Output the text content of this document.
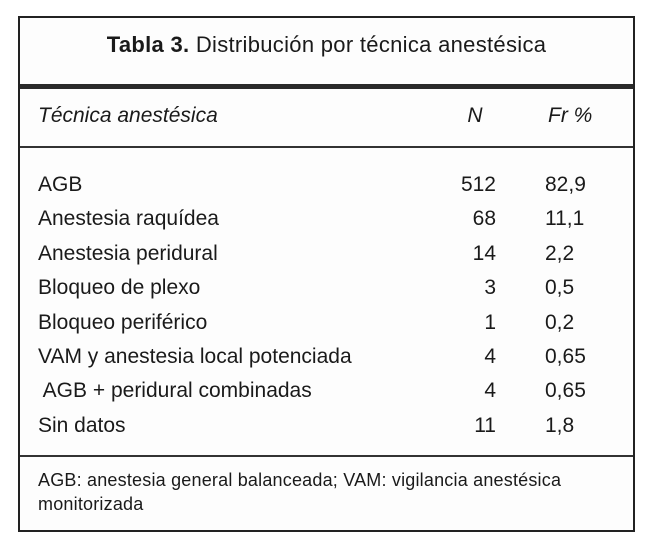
Tabla 3. Distribución por técnica anestésica
Técnica anestésica	N	Fr %
AGB	512 82,9
Anestesia raquídea	68 11,1
Anestesia peridural	14 2,2
Bloqueo de plexo	3 0,5
Bloqueo periférico	1 0,2
VAM y anestesia local potenciada	4 0,65
AGB + peridural combinadas	4 0,65
Sin datos	11 1,8
AGB: anestesia general balanceada; VAM: vigilancia anestésica monitorizada
